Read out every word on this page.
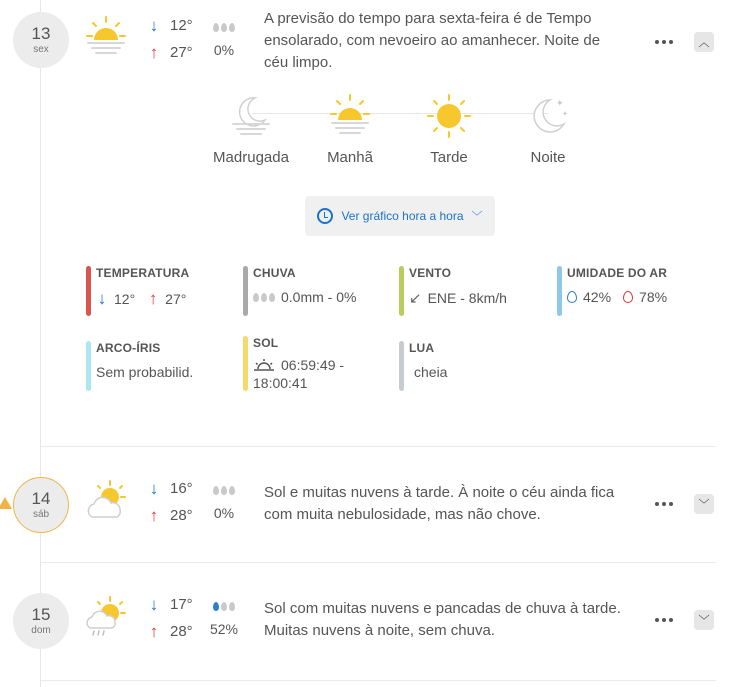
13
sex
↓ 12°
↑ 27°	0%
A previsão do tempo para sexta-feira é de Tempo
ensolarado, com nevoeiro ao amanhecer. Noite de
céu limpo.
︿
Madrugada	Manhã	Tarde
✦
✦
Noite
Ver gráfico hora a hora ﹀
TEMPERATURA
↓ 12° ↑ 27°
CHUVA
0.0mm - 0%
VENTO
↙ ENE - 8km/h
UMIDADE DO AR
42% 78%
ARCO-ÍRIS
Sem probabilid.
SOL
06:59:49 -
18:00:41
LUA
cheia
14
sáb
↓ 16°
↑ 28°	0%
Sol e muitas nuvens à tarde. À noite o céu ainda fica
com muita nebulosidade, mas não chove.
﹀
15
dom
↓ 17°
↑ 28°	52%
Sol com muitas nuvens e pancadas de chuva à tarde.
Muitas nuvens à noite, sem chuva.
﹀
